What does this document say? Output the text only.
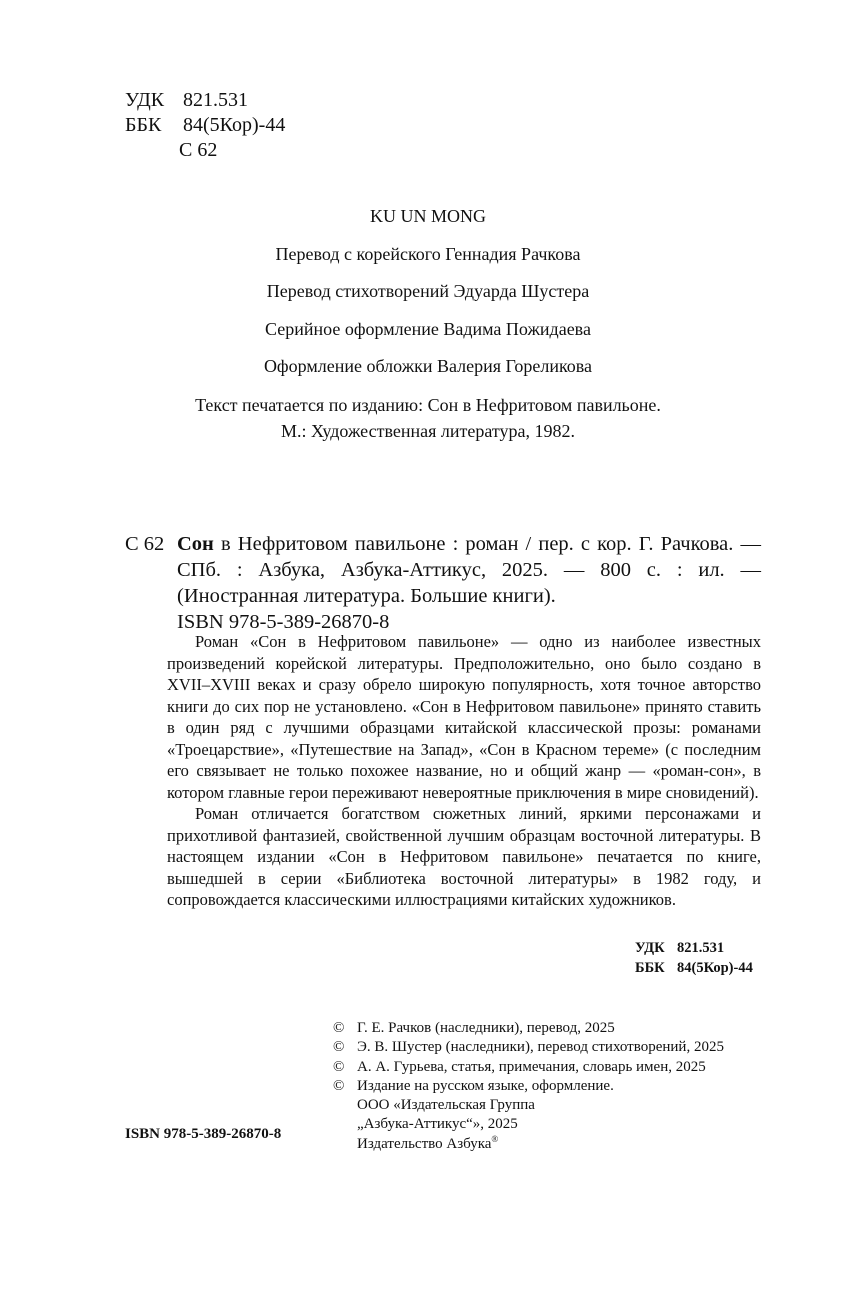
УДК 821.531
ББК 84(5Кор)-44
С 62
KU UN MONG
Перевод с корейского Геннадия Рачкова
Перевод стихотворений Эдуарда Шустера
Серийное оформление Вадима Пожидаева
Оформление обложки Валерия Гореликова
Текст печатается по изданию: Сон в Нефритовом павильоне.
М.: Художественная литература, 1982.
С 62 Сон в Нефритовом павильоне : роман / пер. с кор. Г. Рачкова. — СПб. : Азбука, Азбука-Аттикус, 2025. — 800 с. : ил. — (Иностранная литература. Большие книги).
ISBN 978-5-389-26870-8

Роман «Сон в Нефритовом павильоне» — одно из наиболее известных произведений корейской литературы. Предположительно, оно было создано в XVII–XVIII веках и сразу обрело широкую популярность, хотя точное авторство книги до сих пор не установлено. «Сон в Нефритовом павильоне» принято ставить в один ряд с лучшими образцами китайской классической прозы: романами «Троецарствие», «Путешествие на Запад», «Сон в Красном тереме» (с последним его связывает не только похожее название, но и общий жанр — «роман-сон», в котором главные герои переживают невероятные приключения в мире сновидений).

Роман отличается богатством сюжетных линий, яркими персонажами и прихотливой фантазией, свойственной лучшим образцам восточной литературы. В настоящем издании «Сон в Нефритовом павильоне» печатается по книге, вышедшей в серии «Библиотека восточной литературы» в 1982 году, и сопровождается классическими иллюстрациями китайских художников.

УДК 821.531
ББК 84(5Кор)-44
© Г. Е. Рачков (наследники), перевод, 2025
© Э. В. Шустер (наследники), перевод стихотворений, 2025
© А. А. Гурьева, статья, примечания, словарь имен, 2025
© Издание на русском языке, оформление.
ООО «Издательская Группа
„Азбука-Аттикус“», 2025
Издательство Азбука®
ISBN 978-5-389-26870-8
